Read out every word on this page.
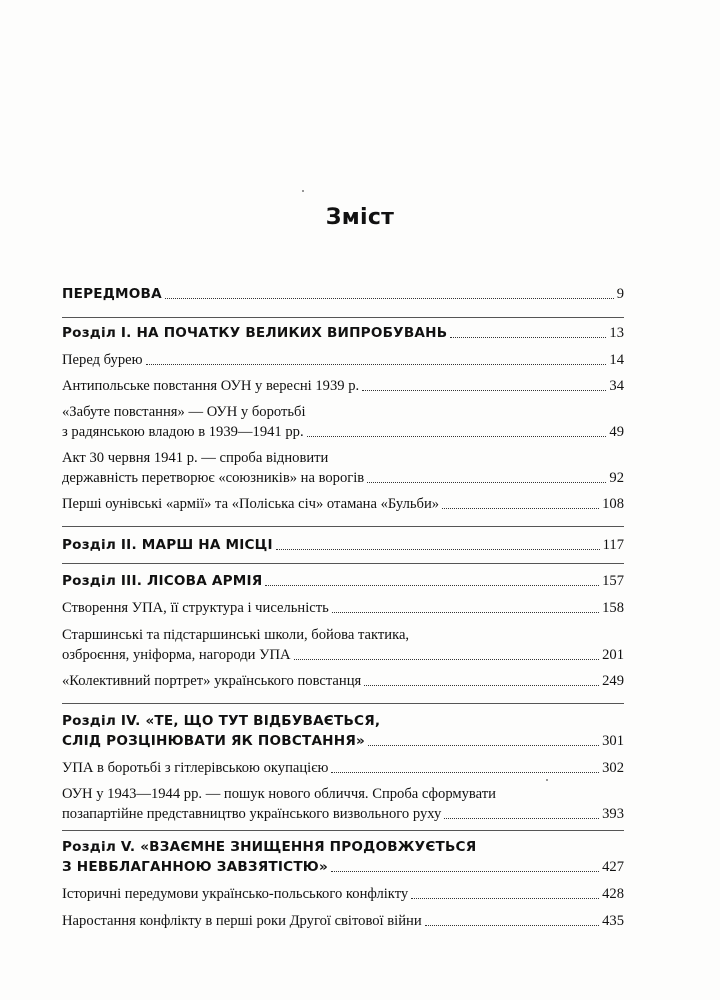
Зміст
ПЕРЕДМОВА	9
Розділ І. НА ПОЧАТКУ ВЕЛИКИХ ВИПРОБУВАНЬ	13
Перед бурею	14
Антипольське повстання ОУН у вересні 1939 р.	34
«Забуте повстання» — ОУН у боротьбі
з радянською владою в 1939—1941 рр.	49
Акт 30 червня 1941 р. — спроба відновити
державність перетворює «союзників» на ворогів	92
Перші оунівські «армії» та «Поліська січ» отамана «Бульби»	108
Розділ ІІ. МАРШ НА МІСЦІ	117
Розділ ІІІ. ЛІСОВА АРМІЯ	157
Створення УПА, її структура і чисельність	158
Старшинські та підстаршинські школи, бойова тактика,
озброєння, уніформа, нагороди УПА	201
«Колективний портрет» українського повстанця	249
Розділ IV. «ТЕ, ЩО ТУТ ВІДБУВАЄТЬСЯ,
СЛІД РОЗЦІНЮВАТИ ЯК ПОВСТАННЯ»	301
УПА в боротьбі з гітлерівською окупацією	302
ОУН у 1943—1944 рр. — пошук нового обличчя. Спроба сформувати
позапартійне представництво українського визвольного руху	393
Розділ V. «ВЗАЄМНЕ ЗНИЩЕННЯ ПРОДОВЖУЄТЬСЯ
З НЕВБЛАГАННОЮ ЗАВЗЯТІСТЮ»	427
Історичні передумови українсько-польського конфлікту	428
Наростання конфлікту в перші роки Другої світової війни	435
